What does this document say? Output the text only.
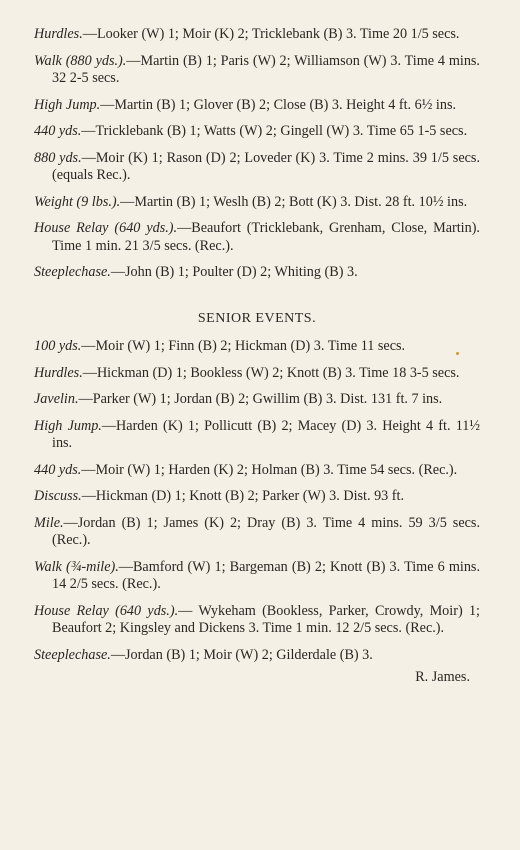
Hurdles.—Looker (W) 1; Moir (K) 2; Tricklebank (B) 3. Time 20 1/5 secs.

Walk (880 yds.).—Martin (B) 1; Paris (W) 2; Williamson (W) 3. Time 4 mins. 32 2-5 secs.

High Jump.—Martin (B) 1; Glover (B) 2; Close (B) 3. Height 4 ft. 6½ ins.

440 yds.—Tricklebank (B) 1; Watts (W) 2; Gingell (W) 3. Time 65 1-5 secs.

880 yds.—Moir (K) 1; Rason (D) 2; Loveder (K) 3. Time 2 mins. 39 1/5 secs. (equals Rec.).

Weight (9 lbs.).—Martin (B) 1; Weslh (B) 2; Bott (K) 3. Dist. 28 ft. 10½ ins.

House Relay (640 yds.).—Beaufort (Tricklebank, Grenham, Close, Martin). Time 1 min. 21 3/5 secs. (Rec.).

Steeplechase.—John (B) 1; Poulter (D) 2; Whiting (B) 3.

SENIOR EVENTS.

100 yds.—Moir (W) 1; Finn (B) 2; Hickman (D) 3. Time 11 secs.

Hurdles.—Hickman (D) 1; Bookless (W) 2; Knott (B) 3. Time 18 3-5 secs.

Javelin.—Parker (W) 1; Jordan (B) 2; Gwillim (B) 3. Dist. 131 ft. 7 ins.

High Jump.—Harden (K) 1; Pollicutt (B) 2; Macey (D) 3. Height 4 ft. 11½ ins.

440 yds.—Moir (W) 1; Harden (K) 2; Holman (B) 3. Time 54 secs. (Rec.).

Discuss.—Hickman (D) 1; Knott (B) 2; Parker (W) 3. Dist. 93 ft.

Mile.—Jordan (B) 1; James (K) 2; Dray (B) 3. Time 4 mins. 59 3/5 secs. (Rec.).

Walk (¾-mile).—Bamford (W) 1; Bargeman (B) 2; Knott (B) 3. Time 6 mins. 14 2/5 secs. (Rec.).

House Relay (640 yds.).— Wykeham (Bookless, Parker, Crowdy, Moir) 1; Beaufort 2; Kingsley and Dickens 3. Time 1 min. 12 2/5 secs. (Rec.).

Steeplechase.—Jordan (B) 1; Moir (W) 2; Gilderdale (B) 3.

R. James.
